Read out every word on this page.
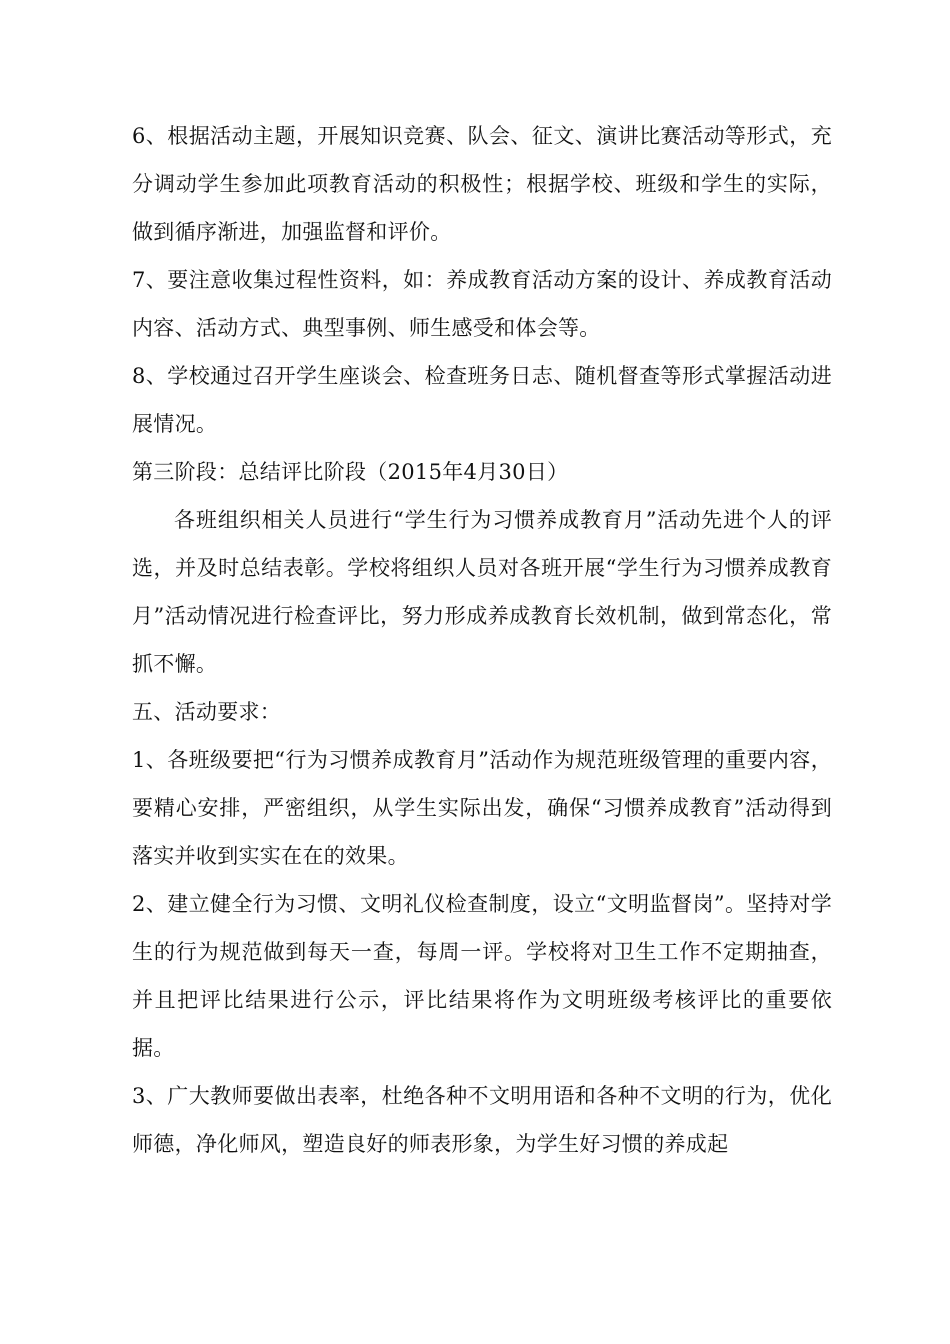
6、根据活动主题，开展知识竞赛、队会、征文、演讲比赛活动等形式，充分调动学生参加此项教育活动的积极性；根据学校、班级和学生的实际，做到循序渐进，加强监督和评价。

7、要注意收集过程性资料，如：养成教育活动方案的设计、养成教育活动内容、活动方式、典型事例、师生感受和体会等。

8、学校通过召开学生座谈会、检查班务日志、随机督查等形式掌握活动进展情况。

第三阶段：总结评比阶段（2015年4月30日）

各班组织相关人员进行“学生行为习惯养成教育月”活动先进个人的评选，并及时总结表彰。学校将组织人员对各班开展“学生行为习惯养成教育月”活动情况进行检查评比，努力形成养成教育长效机制，做到常态化，常抓不懈。

五、活动要求：

1、各班级要把“行为习惯养成教育月”活动作为规范班级管理的重要内容，要精心安排，严密组织，从学生实际出发，确保“习惯养成教育”活动得到落实并收到实实在在的效果。

2、建立健全行为习惯、文明礼仪检查制度，设立“文明监督岗”。坚持对学生的行为规范做到每天一查，每周一评。学校将对卫生工作不定期抽查，并且把评比结果进行公示，评比结果将作为文明班级考核评比的重要依据。

3、广大教师要做出表率，杜绝各种不文明用语和各种不文明的行为，优化师德，净化师风，塑造良好的师表形象，为学生好习惯的养成起
